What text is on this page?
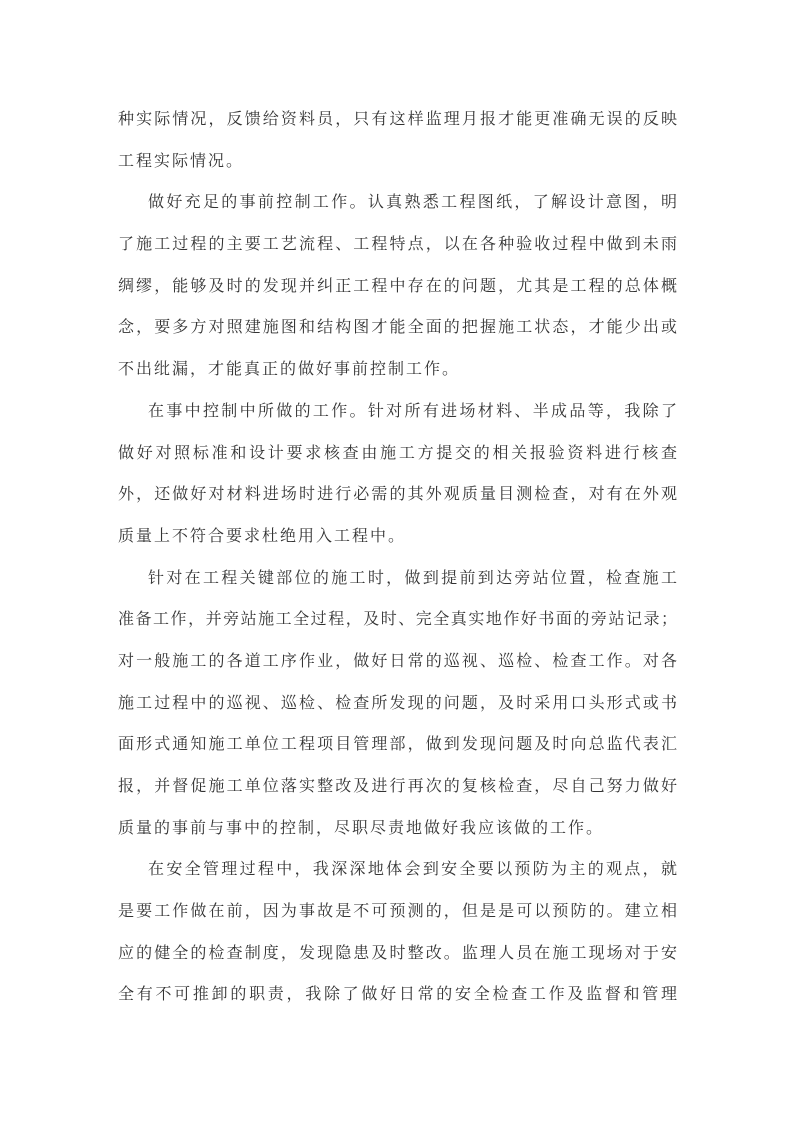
种实际情况，反馈给资料员，只有这样监理月报才能更准确无误的反映
工程实际情况。
做好充足的事前控制工作。认真熟悉工程图纸，了解设计意图，明
了施工过程的主要工艺流程、工程特点，以在各种验收过程中做到未雨
绸缪，能够及时的发现并纠正工程中存在的问题，尤其是工程的总体概
念，要多方对照建施图和结构图才能全面的把握施工状态，才能少出或
不出纰漏，才能真正的做好事前控制工作。
在事中控制中所做的工作。针对所有进场材料、半成品等，我除了
做好对照标准和设计要求核查由施工方提交的相关报验资料进行核查
外，还做好对材料进场时进行必需的其外观质量目测检查，对有在外观
质量上不符合要求杜绝用入工程中。
针对在工程关键部位的施工时，做到提前到达旁站位置，检查施工
准备工作，并旁站施工全过程，及时、完全真实地作好书面的旁站记录；
对一般施工的各道工序作业，做好日常的巡视、巡检、检查工作。对各
施工过程中的巡视、巡检、检查所发现的问题，及时采用口头形式或书
面形式通知施工单位工程项目管理部，做到发现问题及时向总监代表汇
报，并督促施工单位落实整改及进行再次的复核检查，尽自己努力做好
质量的事前与事中的控制，尽职尽责地做好我应该做的工作。
在安全管理过程中，我深深地体会到安全要以预防为主的观点，就
是要工作做在前，因为事故是不可预测的，但是是可以预防的。建立相
应的健全的检查制度，发现隐患及时整改。监理人员在施工现场对于安
全有不可推卸的职责，我除了做好日常的安全检查工作及监督和管理
